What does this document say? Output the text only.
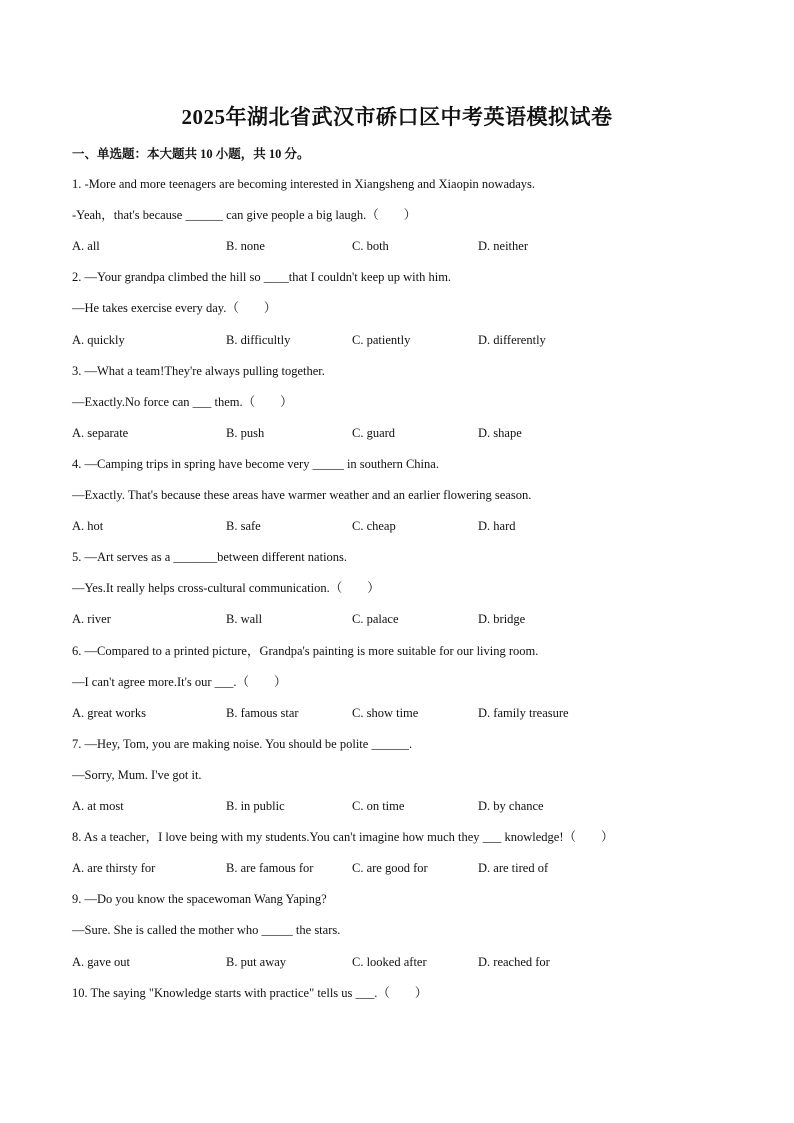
2025年湖北省武汉市硚口区中考英语模拟试卷
一、单选题：本大题共 10 小题，共 10 分。
1. -More and more teenagers are becoming interested in Xiangsheng and Xiaopin nowadays.
-Yeah，that's because ______ can give people a big laugh.（　　）
A. all	B. none	C. both	D. neither
2. —Your grandpa climbed the hill so ____that I couldn't keep up with him.
—He takes exercise every day.（　　）
A. quickly	B. difficultly	C. patiently	D. differently
3. —What a team!They're always pulling together.
—Exactly.No force can ___ them.（　　）
A. separate	B. push	C. guard	D. shape
4. —Camping trips in spring have become very _____ in southern China.
—Exactly. That's because these areas have warmer weather and an earlier flowering season.
A. hot	B. safe	C. cheap	D. hard
5. —Art serves as a _______between different nations.
—Yes.It really helps cross-cultural communication.（　　）
A. river	B. wall	C. palace	D. bridge
6. —Compared to a printed picture，Grandpa's painting is more suitable for our living room.
—I can't agree more.It's our ___.（　　）
A. great works	B. famous star	C. show time	D. family treasure
7. —Hey, Tom, you are making noise. You should be polite ______.
—Sorry, Mum. I've got it.
A. at most	B. in public	C. on time	D. by chance
8. As a teacher，I love being with my students.You can't imagine how much they ___ knowledge!（　　）
A. are thirsty for	B. are famous for	C. are good for	D. are tired of
9. —Do you know the spacewoman Wang Yaping?
—Sure. She is called the mother who _____ the stars.
A. gave out	B. put away	C. looked after	D. reached for
10. The saying "Knowledge starts with practice" tells us ___.（　　）
